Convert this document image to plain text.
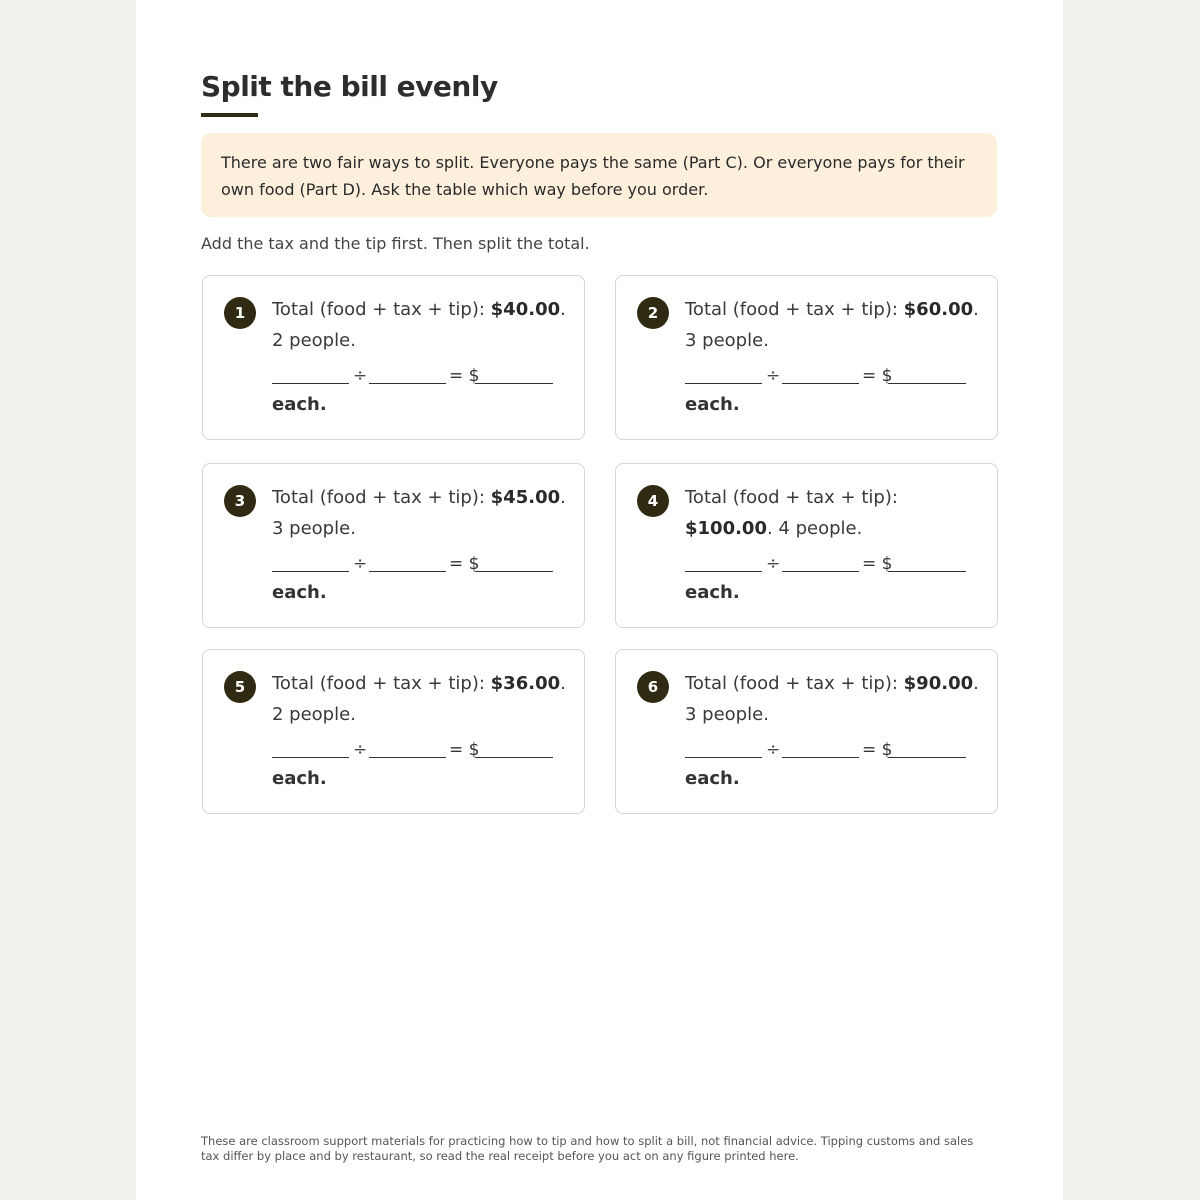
Split the bill evenly
There are two fair ways to split. Everyone pays the same (Part C). Or everyone pays for their own food (Part D). Ask the table which way before you order.
Add the tax and the tip first. Then split the total.
1	Total (food + tax + tip): $40.00. 2 people.
÷	= $
each.
2	Total (food + tax + tip): $60.00. 3 people.
÷	= $
each.
3	Total (food + tax + tip): $45.00. 3 people.
÷	= $
each.
4	Total (food + tax + tip): $100.00. 4 people.
÷	= $
each.
5	Total (food + tax + tip): $36.00. 2 people.
÷	= $
each.
6	Total (food + tax + tip): $90.00. 3 people.
÷	= $
each.
These are classroom support materials for practicing how to tip and how to split a bill, not financial advice. Tipping customs and sales tax differ by place and by restaurant, so read the real receipt before you act on any figure printed here.
